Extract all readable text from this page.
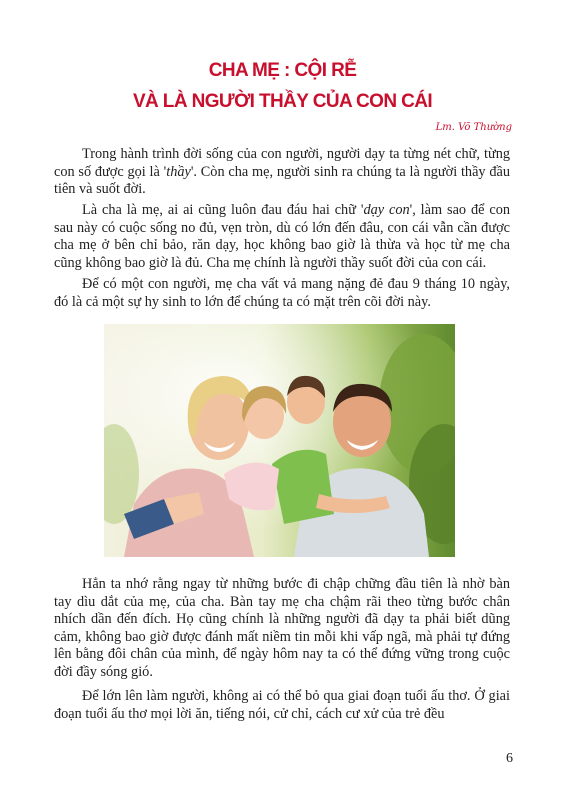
CHA MẸ : CỘI RỄ
VÀ LÀ NGƯỜI THẦY CỦA CON CÁI
Lm. Võ Thường

Trong hành trình đời sống của con người, người dạy ta từng nét chữ, từng con số được gọi là 'thầy'. Còn cha mẹ, người sinh ra chúng ta là người thầy đầu tiên và suốt đời.

Là cha là mẹ, ai ai cũng luôn đau đáu hai chữ 'dạy con', làm sao để con sau này có cuộc sống no đủ, vẹn tròn, dù có lớn đến đâu, con cái vẫn cần được cha mẹ ở bên chỉ bảo, răn dạy, học không bao giờ là thừa và học từ mẹ cha cũng không bao giờ là đủ. Cha mẹ chính là người thầy suốt đời của con cái.

Để có một con người, mẹ cha vất vả mang nặng đẻ đau 9 tháng 10 ngày, đó là cả một sự hy sinh to lớn để chúng ta có mặt trên cõi đời này.

Hẳn ta nhớ rằng ngay từ những bước đi chập chững đầu tiên là nhờ bàn tay dìu dắt của mẹ, của cha. Bàn tay mẹ cha chậm rãi theo từng bước chân nhích dần đến đích. Họ cũng chính là những người đã dạy ta phải biết dũng cảm, không bao giờ được đánh mất niềm tin mỗi khi vấp ngã, mà phải tự đứng lên bằng đôi chân của mình, để ngày hôm nay ta có thể đứng vững trong cuộc đời đầy sóng gió.

Để lớn lên làm người, không ai có thể bỏ qua giai đoạn tuổi ấu thơ. Ở giai đoạn tuổi ấu thơ mọi lời ăn, tiếng nói, cử chỉ, cách cư xử của trẻ đều

6
